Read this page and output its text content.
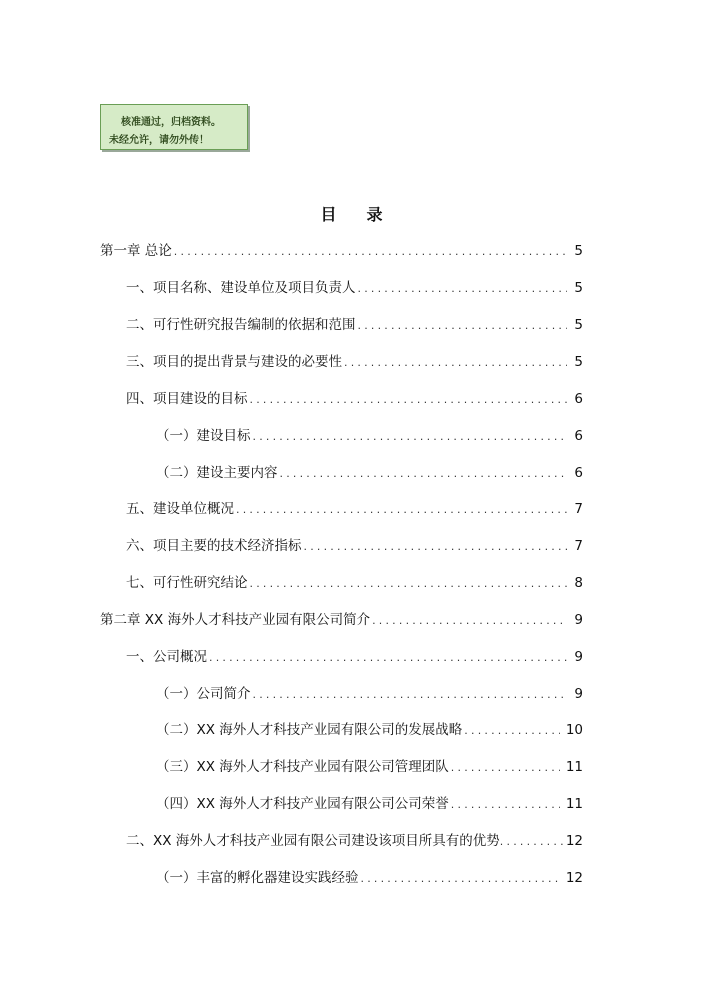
核准通过，归档资料。
未经允许，请勿外传！
目录
第一章 总论 .....	5
一、项目名称、建设单位及项目负责人 .....	5
二、可行性研究报告编制的依据和范围 .....	5
三、项目的提出背景与建设的必要性 .....	5
四、项目建设的目标 .....	6
（一）建设目标 .....	6
（二）建设主要内容 .....	6
五、建设单位概况 .....	7
六、项目主要的技术经济指标 .....	7
七、可行性研究结论 .....	8
第二章 XX 海外人才科技产业园有限公司简介 .....	9
一、公司概况 .....	9
（一）公司简介 .....	9
（二）XX 海外人才科技产业园有限公司的发展战略 .....	10
（三）XX 海外人才科技产业园有限公司管理团队 .....	11
（四）XX 海外人才科技产业园有限公司公司荣誉 .....	11
二、XX 海外人才科技产业园有限公司建设该项目所具有的优势 .....	12
（一）丰富的孵化器建设实践经验 .....	12
